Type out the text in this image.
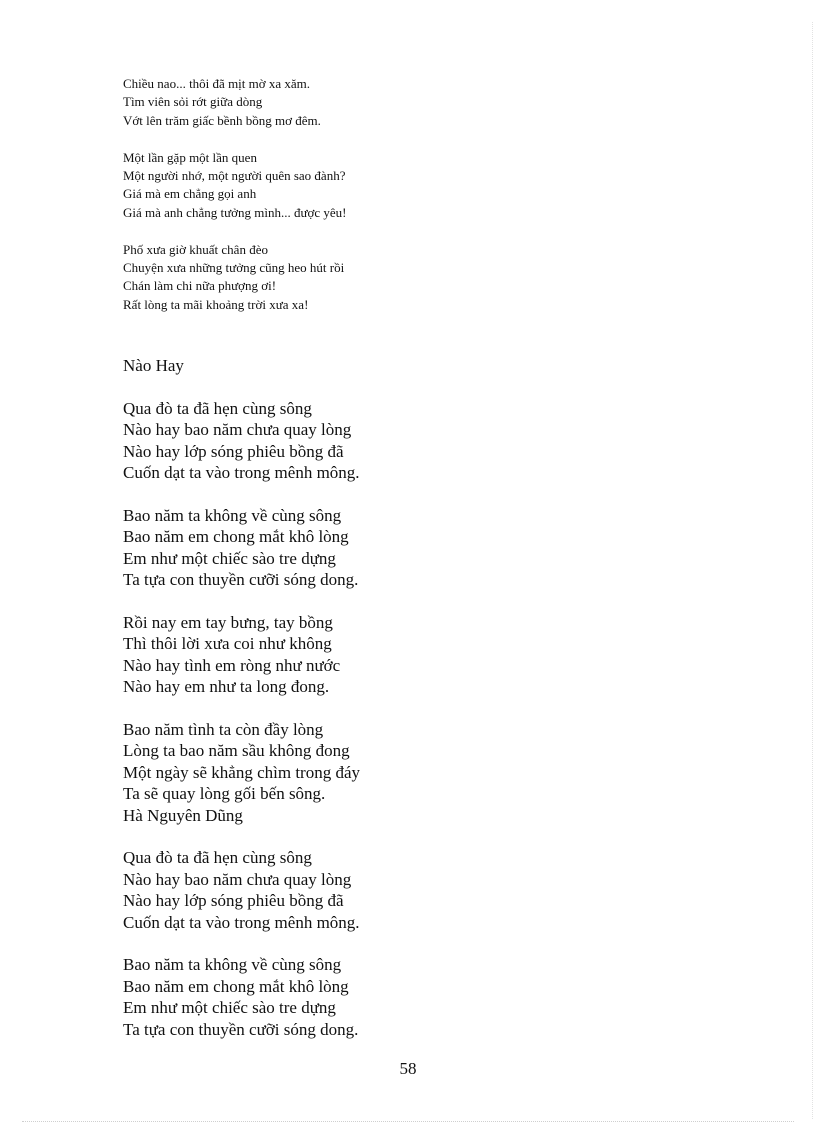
Chiều nao... thôi đã mịt mờ xa xăm.
Tìm viên sỏi rớt giữa dòng
Vớt lên trăm giấc bềnh bồng mơ đêm.
Một lần gặp một lần quen
Một người nhớ, một người quên sao đành?
Giá mà em chẳng gọi anh
Giá mà anh chẳng tưởng mình... được yêu!
Phố xưa giờ khuất chân đèo
Chuyện xưa những tưởng cũng heo hút rồi
Chán làm chi nữa phượng ơi!
Rất lòng ta mãi khoảng trời xưa xa!
Nào Hay
Qua đò ta đã hẹn cùng sông
Nào hay bao năm chưa quay lòng
Nào hay lớp sóng phiêu bồng đã
Cuốn dạt ta vào trong mênh mông.
Bao năm ta không về cùng sông
Bao năm em chong mắt khô lòng
Em như một chiếc sào tre dựng
Ta tựa con thuyền cưỡi sóng dong.
Rồi nay em tay bưng, tay bồng
Thì thôi lời xưa coi như không
Nào hay tình em ròng như nước
Nào hay em như ta long đong.
Bao năm tình ta còn đầy lòng
Lòng ta bao năm sầu không đong
Một ngày sẽ khẳng chìm trong đáy
Ta sẽ quay lòng gối bến sông.
Hà Nguyên Dũng
Qua đò ta đã hẹn cùng sông
Nào hay bao năm chưa quay lòng
Nào hay lớp sóng phiêu bồng đã
Cuốn dạt ta vào trong mênh mông.
Bao năm ta không về cùng sông
Bao năm em chong mắt khô lòng
Em như một chiếc sào tre dựng
Ta tựa con thuyền cưỡi sóng dong.
58
